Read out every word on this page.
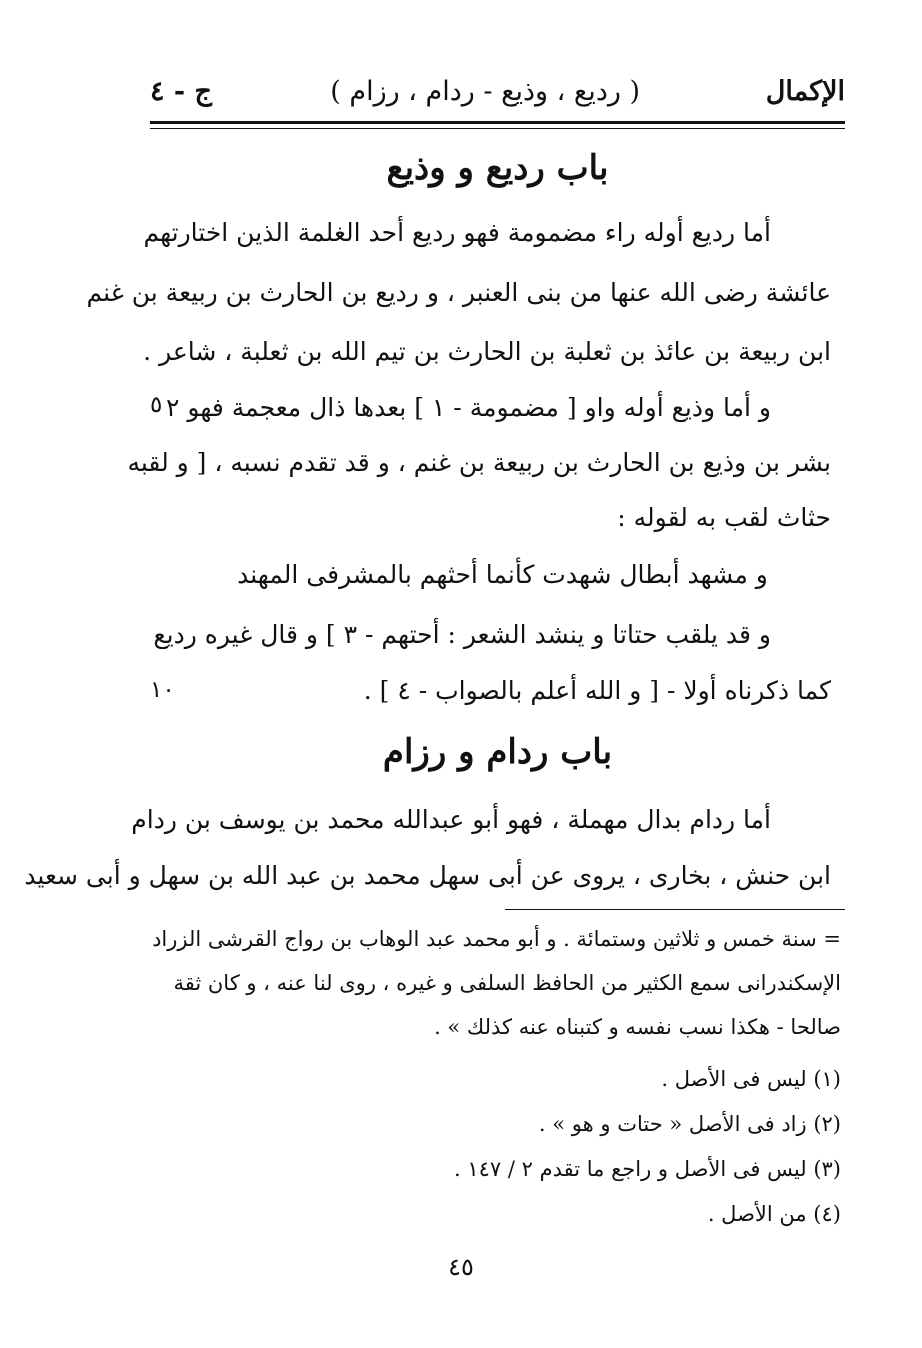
الإكمال
( رديع ، وذيع - ردام ، رزام )
ج - ٤
باب رديع و وذيع
أما رديع أوله راء مضمومة فهو رديع أحد الغلمة الذين اختارتهم
عائشة رضى الله عنها من بنى العنبر ، و رديع بن الحارث بن ربيعة بن غنم
ابن ربيعة بن عائذ بن ثعلبة بن الحارث بن تيم الله بن ثعلبة ، شاعر .
و أما وذيع أوله واو [ مضمومة - ١ ] بعدها ذال معجمة فهو ٢
بشر بن وذيع بن الحارث بن ربيعة بن غنم ، و قد تقدم نسبه ، [ و لقبه
حثاث لقب به لقوله :
و مشهد أبطال شهدت كأنما أحثهم بالمشرفى المهند
و قد يلقب حتاتا و ينشد الشعر : أحتهم - ٣ ] و قال غيره رديع
كما ذكرناه أولا - [ و الله أعلم بالصواب - ٤ ] .
٥
١٠
باب ردام و رزام
أما ردام بدال مهملة ، فهو أبو عبدالله محمد بن يوسف بن ردام
ابن حنش ، بخارى ، يروى عن أبى سهل محمد بن عبد الله بن سهل و أبى سعيد
= سنة خمس و ثلاثين وستمائة . و أبو محمد عبد الوهاب بن رواج القرشى الزراد
الإسكندرانى سمع الكثير من الحافظ السلفى و غيره ، روى لنا عنه ، و كان ثقة
صالحا - هكذا نسب نفسه و كتبناه عنه كذلك » .
(١) ليس فى الأصل .
(٢) زاد فى الأصل « حتات و هو » .
(٣) ليس فى الأصل و راجع ما تقدم ٢ / ١٤٧ .
(٤) من الأصل .
٤٥
